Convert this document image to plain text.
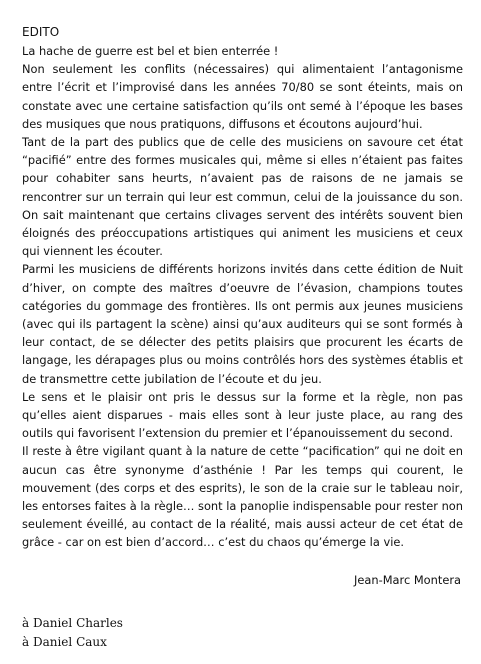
EDITO

La hache de guerre est bel et bien enterrée !

Non seulement les conflits (nécessaires) qui alimentaient l’antagonisme entre l’écrit et l’improvisé dans les années 70/80 se sont éteints, mais on constate avec une certaine satisfaction qu’ils ont semé à l’époque les bases des musiques que nous pratiquons, diffusons et écoutons aujourd’hui.

Tant de la part des publics que de celle des musiciens on savoure cet état “pacifié” entre des formes musicales qui, même si elles n’étaient pas faites pour cohabiter sans heurts, n’avaient pas de raisons de ne jamais se rencontrer sur un terrain qui leur est commun, celui de la jouissance du son. On sait maintenant que certains clivages servent des intérêts souvent bien éloignés des préoccupations artistiques qui animent les musiciens et ceux qui viennent les écouter.

Parmi les musiciens de différents horizons invités dans cette édition de Nuit d’hiver, on compte des maîtres d’oeuvre de l’évasion, champions toutes catégories du gommage des frontières. Ils ont permis aux jeunes musiciens (avec qui ils partagent la scène) ainsi qu’aux auditeurs qui se sont formés à leur contact, de se délecter des petits plaisirs que procurent les écarts de langage, les dérapages plus ou moins contrôlés hors des systèmes établis et de transmettre cette jubilation de l’écoute et du jeu.

Le sens et le plaisir ont pris le dessus sur la forme et la règle, non pas qu’elles aient disparues - mais elles sont à leur juste place, au rang des outils qui favorisent l’extension du premier et l’épanouissement du second.

Il reste à être vigilant quant à la nature de cette “pacification” qui ne doit en aucun cas être synonyme d’asthénie ! Par les temps qui courent, le mouvement (des corps et des esprits), le son de la craie sur le tableau noir, les entorses faites à la règle… sont la panoplie indispensable pour rester non seulement éveillé, au contact de la réalité, mais aussi acteur de cet état de grâce - car on est bien d’accord… c’est du chaos qu’émerge la vie.

Jean-Marc Montera
à Daniel Charles
à Daniel Caux
